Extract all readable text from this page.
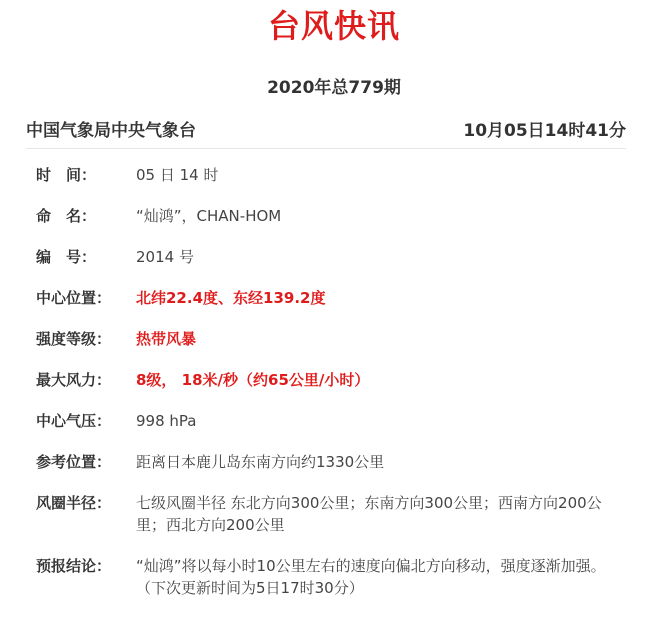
台风快讯
2020年总779期
中国气象局中央气象台	10月05日14时41分
时　间：	05 日 14 时
命　名：	“灿鸿”，CHAN-HOM
编　号：	2014 号
中心位置：	北纬22.4度、东经139.2度
强度等级：	热带风暴
最大风力：	8级， 18米/秒（约65公里/小时）
中心气压：	998 hPa
参考位置：	距离日本鹿儿岛东南方向约1330公里
风圈半径：	七级风圈半径 东北方向300公里；东南方向300公里；西南方向200公里；西北方向200公里
预报结论：	“灿鸿”将以每小时10公里左右的速度向偏北方向移动，强度逐渐加强。
（下次更新时间为5日17时30分）
